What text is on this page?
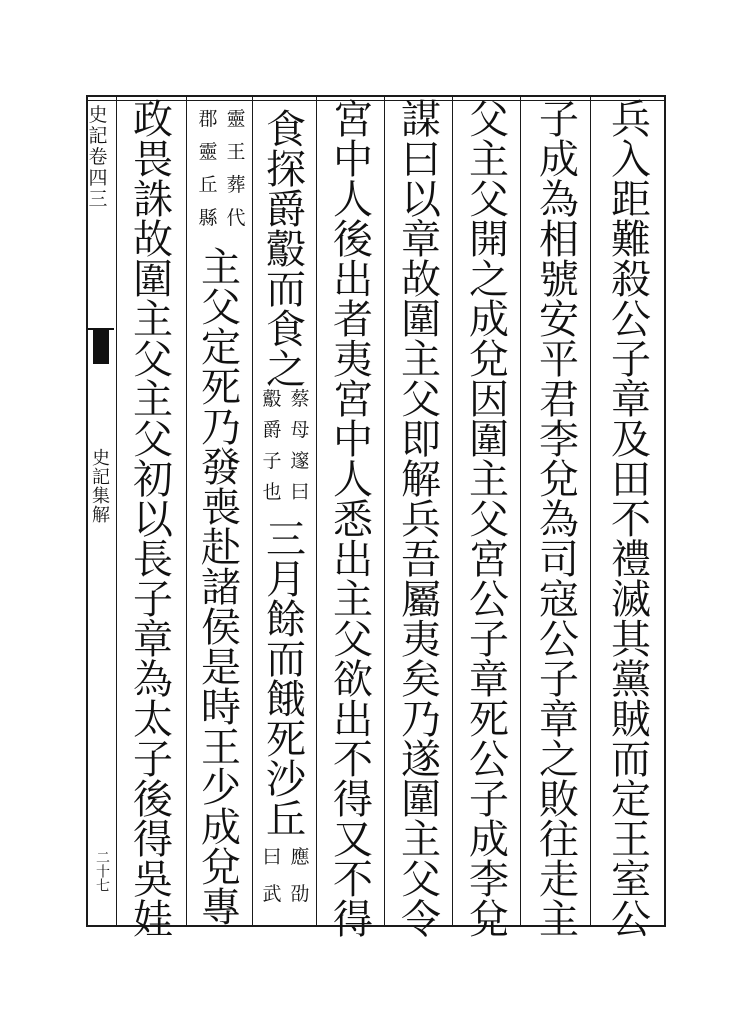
史
記
卷
四
三
史
記
集
解
二十七
兵
入
距
難
殺
公
子
章
及
田
不
禮
滅
其
黨
賊
而
定
王
室
公
子
成
為
相
號
安
平
君
李
兌
為
司
寇
公
子
章
之
敗
往
走
主
父
主
父
開
之
成
兌
因
圍
主
父
宮
公
子
章
死
公
子
成
李
兌
謀
曰
以
章
故
圍
主
父
即
解
兵
吾
屬
夷
矣
乃
遂
圍
主
父
令
宮
中
人
後
出
者
夷
宮
中
人
悉
出
主
父
欲
出
不
得
又
不
得
食
探
爵
鷇
而
食
之
蔡
母
邃
曰
鷇
爵
子
也
三
月
餘
而
餓
死
沙
丘
應
劭
曰
武
靈
王
葬
代
郡
靈
丘
縣
主
父
定
死
乃
發
喪
赴
諸
侯
是
時
王
少
成
兌
專
政
畏
誅
故
圍
主
父
主
父
初
以
長
子
章
為
太
子
後
得
吳
娃
